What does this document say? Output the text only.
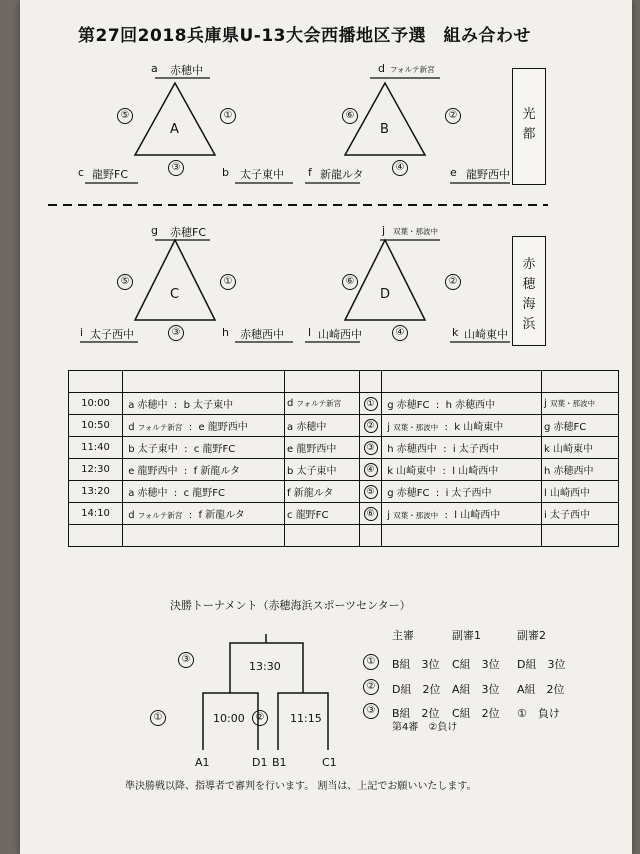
第27回2018兵庫県U-13大会西播地区予選　組み合わせ
光
都
赤
穂
海
浜
a 赤穂中
A
⑤	①
③
c 龍野FC	b 太子東中
d フォルテ新宮
B
⑥	②
④
f 新龍ルタ	e 龍野西中
g 赤穂FC
C
⑤	①
③
i 太子西中	h 赤穂西中
j 双葉・那波中
D
⑥	②
④
l 山崎西中	k 山崎東中

10:00	a 赤穂中 : b 太子東中	d フォルテ新宮	①	g 赤穂FC : h 赤穂西中	j 双葉・那波中
10:50	d フォルテ新宮 : e 龍野西中	a 赤穂中	②	j 双葉・那波中 : k 山崎東中	g 赤穂FC
11:40	b 太子東中 : c 龍野FC	e 龍野西中	③	h 赤穂西中 : i 太子西中	k 山崎東中
12:30	e 龍野西中 : f 新龍ルタ	b 太子東中	④	k 山崎東中 : l 山崎西中	h 赤穂西中
13:20	a 赤穂中 : c 龍野FC	f 新龍ルタ	⑤	g 赤穂FC : i 太子西中	l 山崎西中
14:10	d フォルテ新宮 : f 新龍ルタ	c 龍野FC	⑥	j 双葉・那波中 : l 山崎西中	i 太子西中

決勝トーナメント（赤穂海浜スポーツセンター）
③
13:30
①	10:00	②	11:15
A1	D1 B1	C1
主審	副審1	副審2
①	B組　3位 C組　3位 D組　3位
②	D組　2位 A組　3位 A組　2位
③	B組　2位 C組　2位 ①　負け
第4審　②負け
準決勝戦以降、指導者で審判を行います。 割当は、上記でお願いいたします。
